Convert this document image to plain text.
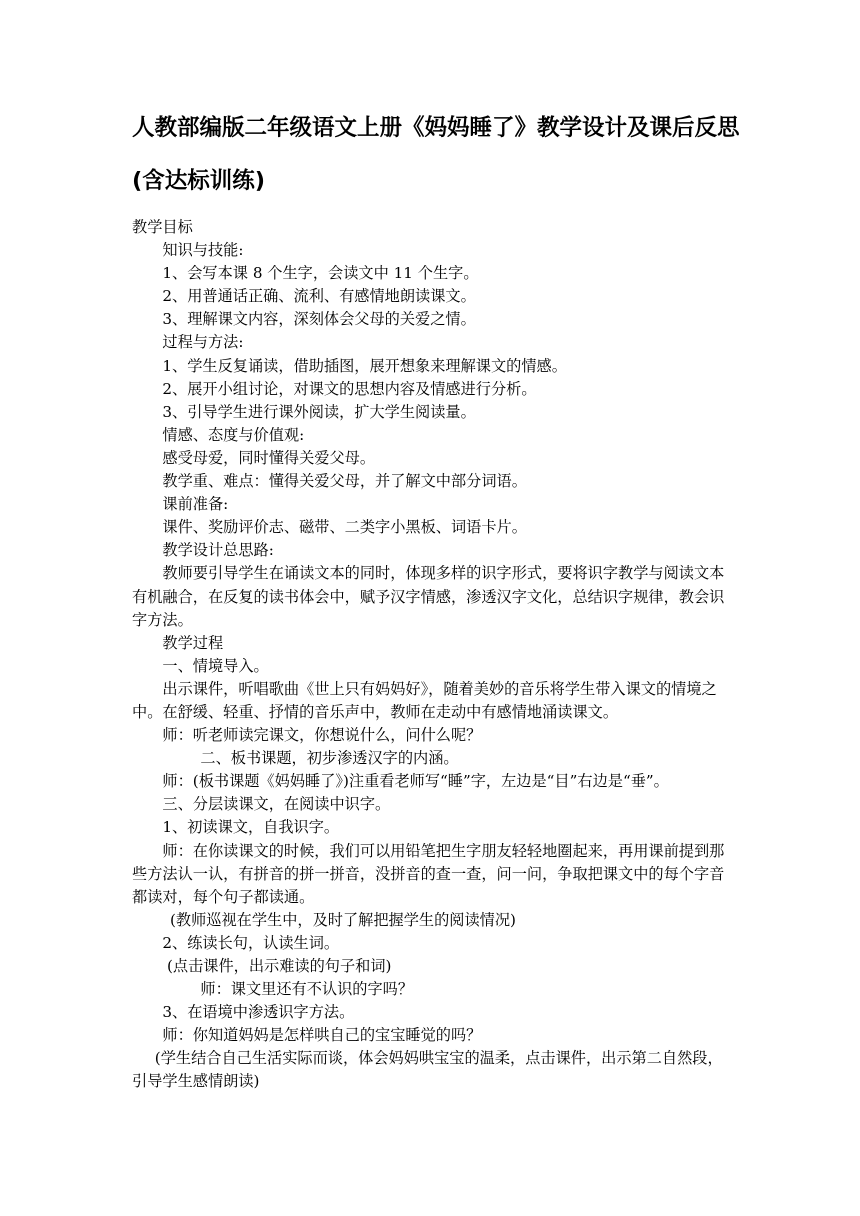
人教部编版二年级语文上册《妈妈睡了》教学设计及课后反思(含达标训练)

教学目标

知识与技能:

1、会写本课 8 个生字，会读文中 11 个生字。

2、用普通话正确、流利、有感情地朗读课文。

3、理解课文内容，深刻体会父母的关爱之情。

过程与方法:

1、学生反复诵读，借助插图，展开想象来理解课文的情感。

2、展开小组讨论，对课文的思想内容及情感进行分析。

3、引导学生进行课外阅读，扩大学生阅读量。

情感、态度与价值观:

感受母爱，同时懂得关爱父母。

教学重、难点：懂得关爱父母，并了解文中部分词语。

课前准备:

课件、奖励评价志、磁带、二类字小黑板、词语卡片。

教学设计总思路:

教师要引导学生在诵读文本的同时，体现多样的识字形式，要将识字教学与阅读文本有机融合，在反复的读书体会中，赋予汉字情感，渗透汉字文化，总结识字规律，教会识字方法。

教学过程

一、情境导入。

出示课件，听唱歌曲《世上只有妈妈好》，随着美妙的音乐将学生带入课文的情境之中。在舒缓、轻重、抒情的音乐声中，教师在走动中有感情地涌读课文。

师：听老师读完课文，你想说什么，问什么呢？

二、板书课题，初步渗透汉字的内涵。

师：(板书课题《妈妈睡了》)注重看老师写“睡”字，左边是“目”右边是“垂”。

三、分层读课文，在阅读中识字。

1、初读课文，自我识字。

师：在你读课文的时候，我们可以用铅笔把生字朋友轻轻地圈起来，再用课前提到那些方法认一认，有拼音的拼一拼音，没拼音的查一查，问一问，争取把课文中的每个字音都读对，每个句子都读通。

(教师巡视在学生中，及时了解把握学生的阅读情况)

2、练读长句，认读生词。

(点击课件，出示难读的句子和词)

师：课文里还有不认识的字吗？

3、在语境中渗透识字方法。

师：你知道妈妈是怎样哄自己的宝宝睡觉的吗？

(学生结合自己生活实际而谈，体会妈妈哄宝宝的温柔，点击课件，出示第二自然段，引导学生感情朗读)
